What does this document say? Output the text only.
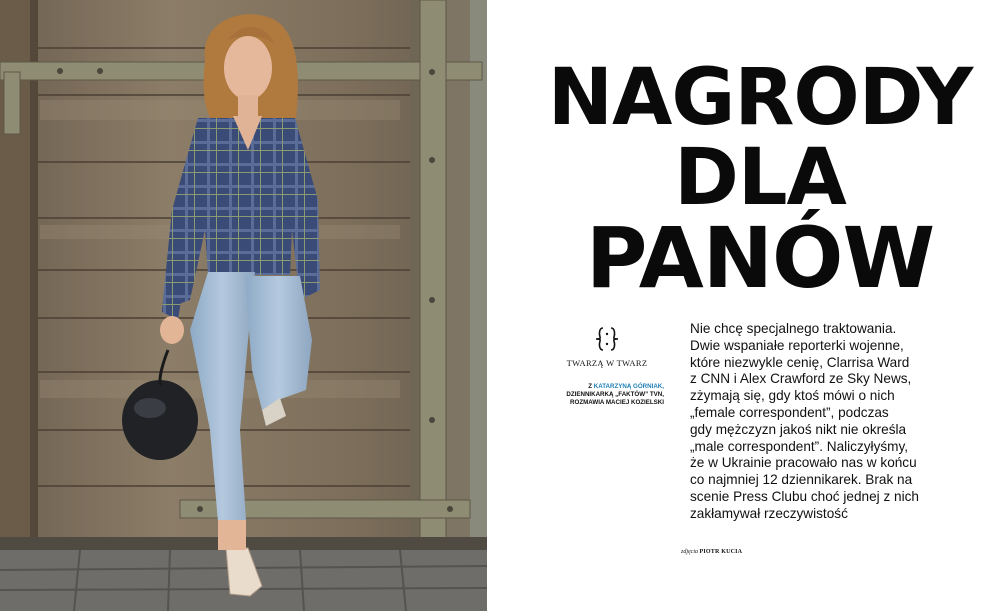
NAGRODY
DLA
PANÓW
TWARZĄ W TWARZ
Z KATARZYNĄ GÓRNIAK,
DZIENNIKARKĄ „FAKTÓW” TVN,
ROZMAWIA MACIEJ KOZIELSKI
Nie chcę specjalnego traktowania.
Dwie wspaniałe reporterki wojenne,
które niezwykle cenię, Clarrisa Ward
z CNN i Alex Crawford ze Sky News,
zżymają się, gdy ktoś mówi o nich
„female correspondent”, podczas
gdy mężczyzn jakoś nikt nie określa
„male correspondent”. Naliczyłyśmy,
że w Ukrainie pracowało nas w końcu
co najmniej 12 dziennikarek. Brak na
scenie Press Clubu choć jednej z nich
zakłamywał rzeczywistość
zdjęcia PIOTR KUCIA
